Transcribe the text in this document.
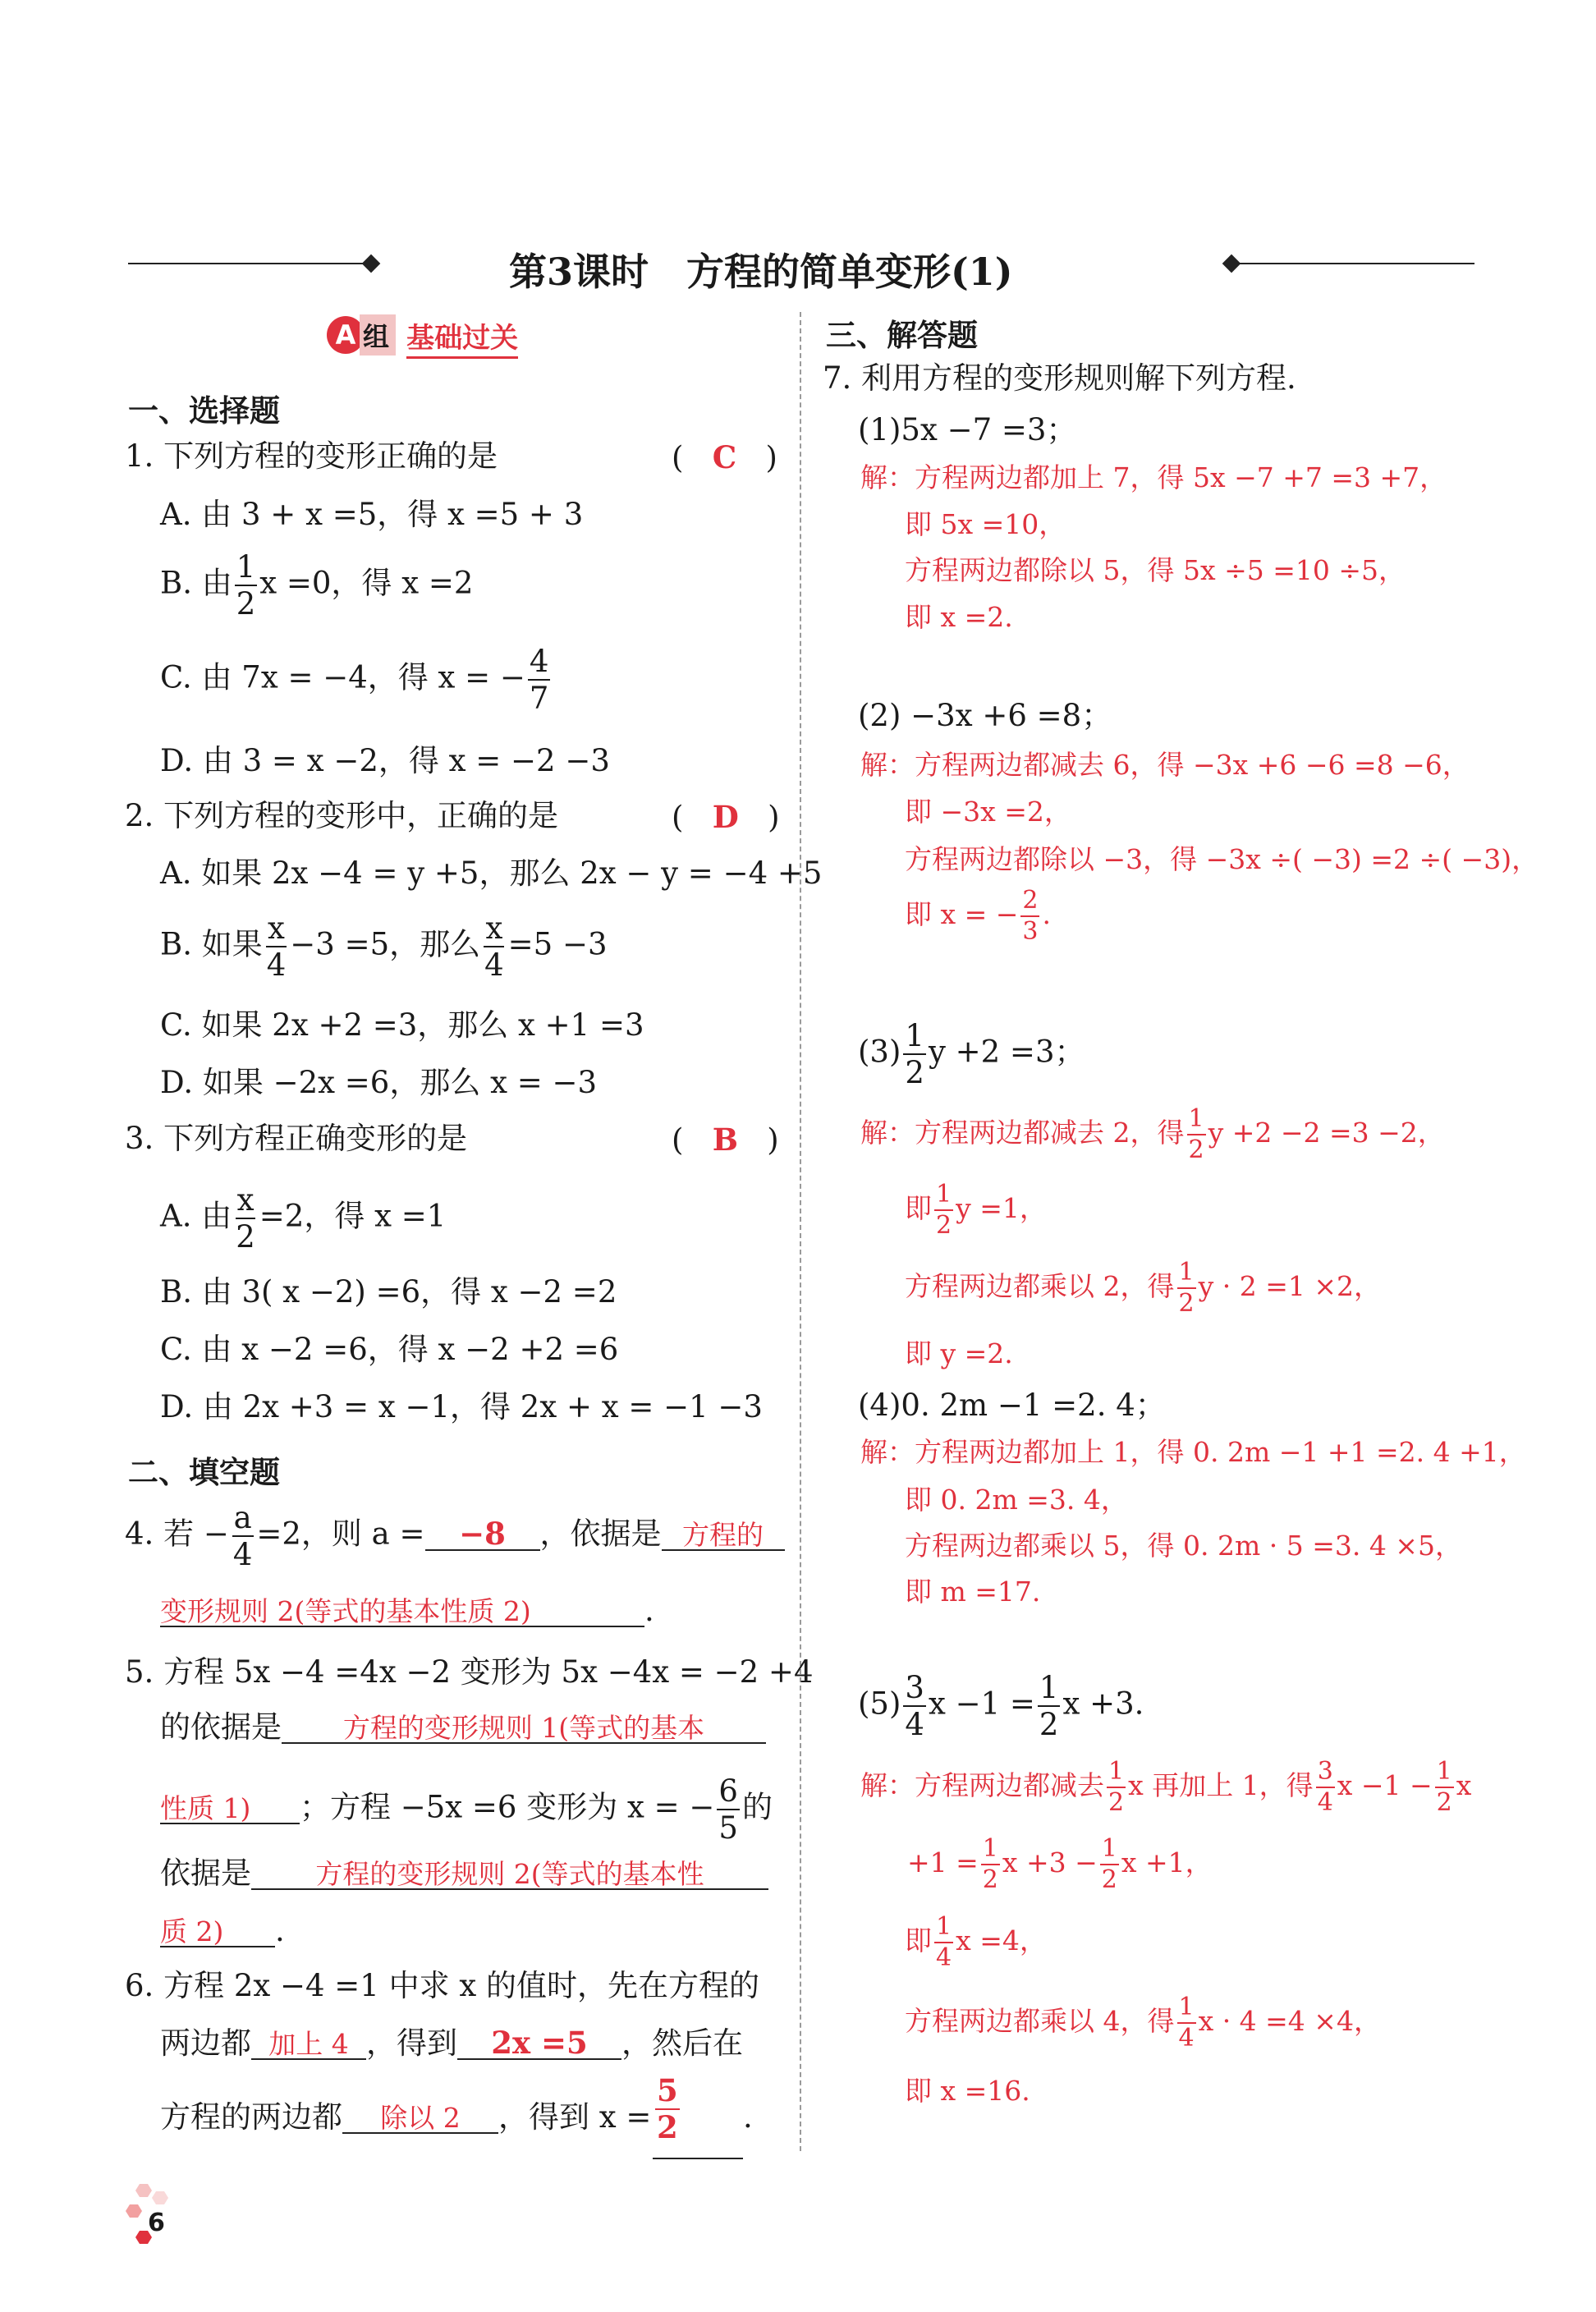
第3课时　方程的简单变形(1)
A 组 基础过关
一、选择题
1. 下列方程的变形正确的是	(   C   )
A. 由 3 + x =5，得 x =5 + 3
B. 由 $\frac{1}{2}$ x =0，得 x =2
C. 由 7x = −4，得 x = − $\frac{4}{7}$
D. 由 3 = x −2，得 x = −2 −3
2. 下列方程的变形中，正确的是	(   D   )
A. 如果 2x −4 = y +5，那么 2x − y = −4 +5
B. 如果 $\frac{x}{4} -3 =5$，那么 $\frac{x}{4} =5 -3$
C. 如果 2x +2 =3，那么 x +1 =3
D. 如果 −2x =6，那么 x = −3
3. 下列方程正确变形的是	(   B   )
A. 由 $\frac{x}{2} =2$，得 x =1
B. 由 3( x −2) =6，得 x −2 =2
C. 由 x −2 =6，得 x −2 +2 =6
D. 由 2x +3 = x −1，得 2x + x = −1 −3
二、填空题
4. 若 − $\frac{a}{4} =2$，则 a = −8 ，依据是 方程的
变形规则 2(等式的基本性质 2)	.
5. 方程 5x −4 =4x −2 变形为 5x −4x = −2 +4
的依据是 方程的变形规则 1(等式的基本
性质 1) ；方程 −5x =6 变形为 x = − $\frac{6}{5}$ 的
依据是 方程的变形规则 2(等式的基本性
质 2) .
6. 方程 2x −4 =1 中求 x 的值时，先在方程的
两边都 加上 4 ，得到 2x =5 ，然后在
方程的两边都 除以 2 ，得到 $x = \frac{5}{2}$ .
三、解答题
7. 利用方程的变形规则解下列方程.
(1)5x −7 =3；
解：方程两边都加上 7，得 5x −7 +7 =3 +7，
即 5x =10，
方程两边都除以 5，得 5x ÷5 =10 ÷5，
即 x =2.
(2) −3x +6 =8；
解：方程两边都减去 6，得 −3x +6 −6 =8 −6，
即 −3x =2，
方程两边都除以 −3，得 −3x ÷( −3) =2 ÷( −3)，
即 x = − $\frac{2}{3}$ .
$(3) \frac{1}{2}$ y +2 =3；
解：方程两边都减去 2，得 $\frac{1}{2}$ y +2 −2 =3 −2，
即 $\frac{1}{2}$ y =1，
方程两边都乘以 2，得 $\frac{1}{2}$ y · 2 =1 ×2，
即 y =2.
(4)0. 2m −1 =2. 4；
解：方程两边都加上 1，得 0. 2m −1 +1 =2. 4 +1，
即 0. 2m =3. 4，
方程两边都乘以 5，得 0. 2m · 5 =3. 4 ×5，
即 m =17.
$(5) \frac{3}{4}$ $x -1 = \frac{1}{2}$ x +3.
解：方程两边都减去 $\frac{1}{2}$ x 再加上 1，得 $\frac{3}{4}$ $x -1 - \frac{1}{2}$ x
$+1 = \frac{1}{2}$ $x +3 - \frac{1}{2}$ x +1，
即 $\frac{1}{4}$ x =4，
方程两边都乘以 4，得 $\frac{1}{4}$ x · 4 =4 ×4，
即 x =16.
6
